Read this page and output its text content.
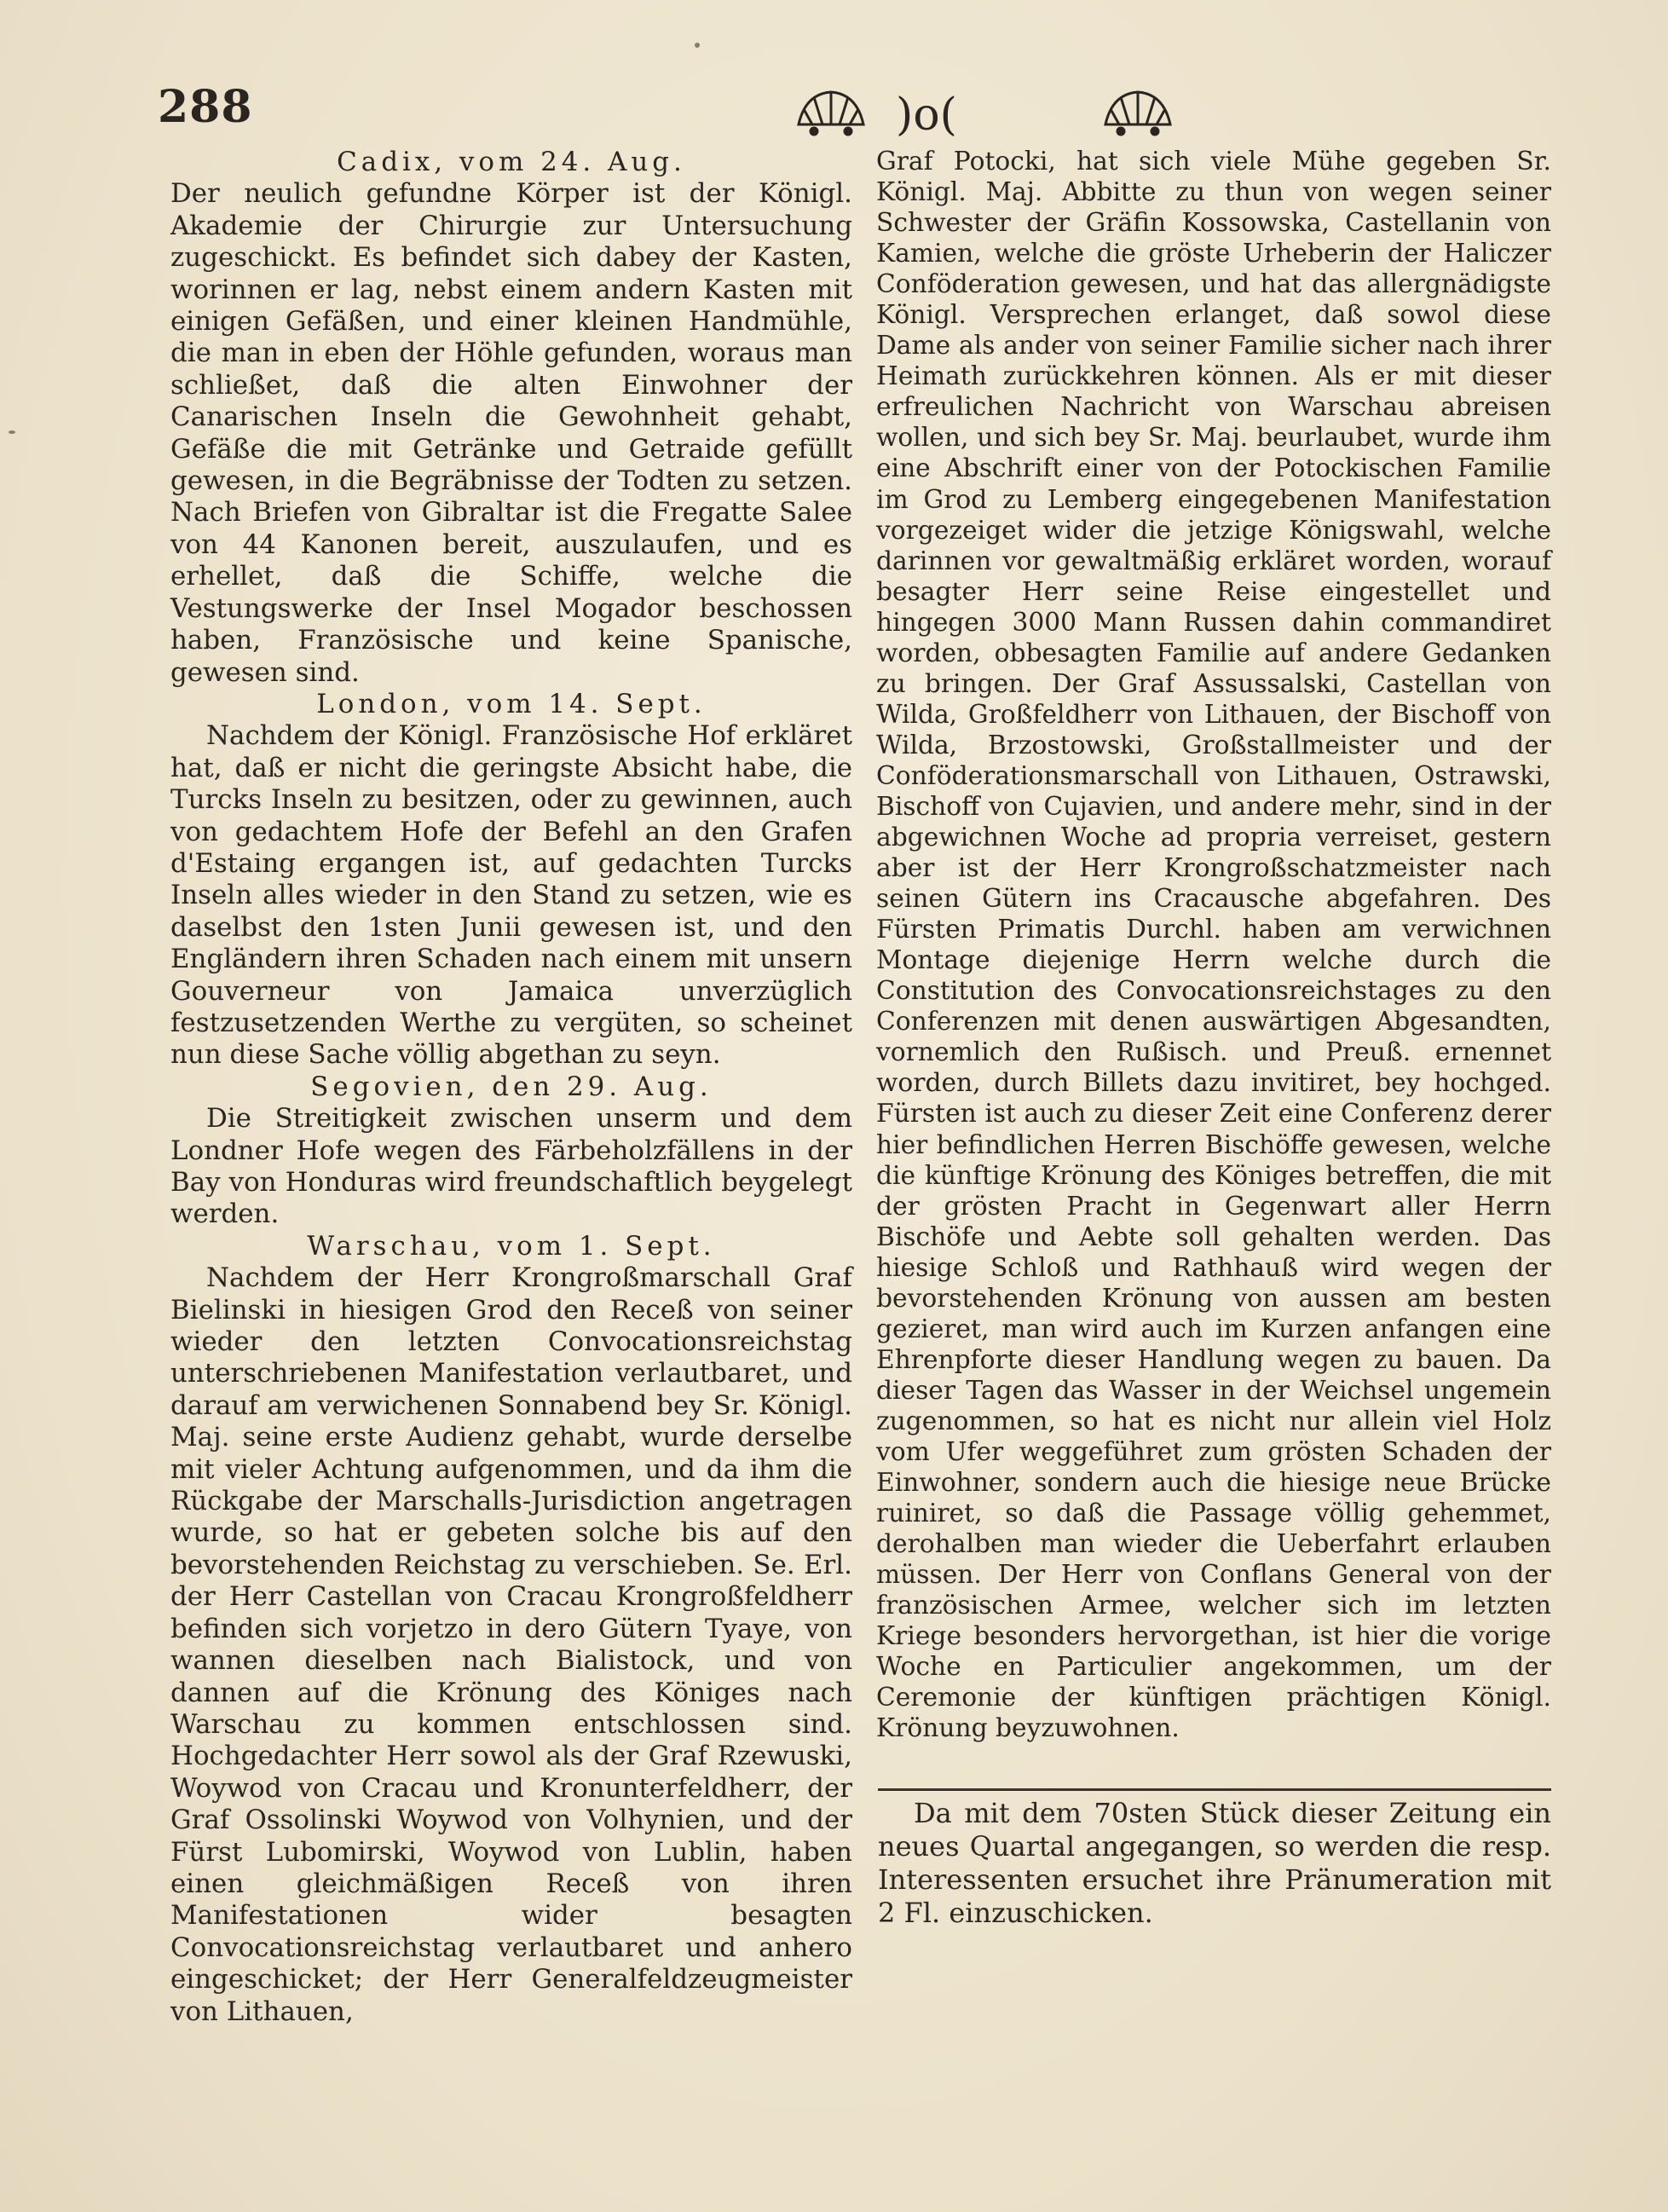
288	)o(
Cadix, vom 24. Aug.

Der neulich gefundne Körper ist der Königl. Akademie der Chirurgie zur Untersuchung zugeschickt. Es befindet sich dabey der Kasten, worinnen er lag, nebst einem andern Kasten mit einigen Gefäßen, und einer kleinen Handmühle, die man in eben der Höhle gefunden, woraus man schließet, daß die alten Einwohner der Canarischen Inseln die Gewohnheit gehabt, Gefäße die mit Getränke und Getraide gefüllt gewesen, in die Begräbnisse der Todten zu setzen. Nach Briefen von Gibraltar ist die Fregatte Salee von 44 Kanonen bereit, auszulaufen, und es erhellet, daß die Schiffe, welche die Vestungswerke der Insel Mogador beschossen haben, Französische und keine Spanische, gewesen sind.

London, vom 14. Sept.

Nachdem der Königl. Französische Hof erkläret hat, daß er nicht die geringste Absicht habe, die Turcks Inseln zu besitzen, oder zu gewinnen, auch von gedachtem Hofe der Befehl an den Grafen d'Estaing ergangen ist, auf gedachten Turcks Inseln alles wieder in den Stand zu setzen, wie es daselbst den 1sten Junii gewesen ist, und den Engländern ihren Schaden nach einem mit unsern Gouverneur von Jamaica unverzüglich festzusetzenden Werthe zu vergüten, so scheinet nun diese Sache völlig abgethan zu seyn.

Segovien, den 29. Aug.

Die Streitigkeit zwischen unserm und dem Londner Hofe wegen des Färbeholzfällens in der Bay von Honduras wird freundschaftlich beygelegt werden.

Warschau, vom 1. Sept.

Nachdem der Herr Krongroßmarschall Graf Bielinski in hiesigen Grod den Receß von seiner wieder den letzten Convocationsreichstag unterschriebenen Manifestation verlautbaret, und darauf am verwichenen Sonnabend bey Sr. Königl. Maj. seine erste Audienz gehabt, wurde derselbe mit vieler Achtung aufgenommen, und da ihm die Rückgabe der Marschalls-Jurisdiction angetragen wurde, so hat er gebeten solche bis auf den bevorstehenden Reichstag zu verschieben. Se. Erl. der Herr Castellan von Cracau Krongroßfeldherr befinden sich vorjetzo in dero Gütern Tyaye, von wannen dieselben nach Bialistock, und von dannen auf die Krönung des Königes nach Warschau zu kommen entschlossen sind. Hochgedachter Herr sowol als der Graf Rzewuski, Woywod von Cracau und Kronunterfeldherr, der Graf Ossolinski Woywod von Volhynien, und der Fürst Lubomirski, Woywod von Lublin, haben einen gleichmäßigen Receß von ihren Manifestationen wider besagten Convocationsreichstag verlautbaret und anhero eingeschicket; der Herr Generalfeldzeugmeister von Lithauen,

Graf Potocki, hat sich viele Mühe gegeben Sr. Königl. Maj. Abbitte zu thun von wegen seiner Schwester der Gräfin Kossowska, Castellanin von Kamien, welche die gröste Urheberin der Haliczer Conföderation gewesen, und hat das allergnädigste Königl. Versprechen erlanget, daß sowol diese Dame als ander von seiner Familie sicher nach ihrer Heimath zurückkehren können. Als er mit dieser erfreulichen Nachricht von Warschau abreisen wollen, und sich bey Sr. Maj. beurlaubet, wurde ihm eine Abschrift einer von der Potockischen Familie im Grod zu Lemberg eingegebenen Manifestation vorgezeiget wider die jetzige Königswahl, welche darinnen vor gewaltmäßig erkläret worden, worauf besagter Herr seine Reise eingestellet und hingegen 3000 Mann Russen dahin commandiret worden, obbesagten Familie auf andere Gedanken zu bringen. Der Graf Assussalski, Castellan von Wilda, Großfeldherr von Lithauen, der Bischoff von Wilda, Brzostowski, Großstallmeister und der Conföderationsmarschall von Lithauen, Ostrawski, Bischoff von Cujavien, und andere mehr, sind in der abgewichnen Woche ad propria verreiset, gestern aber ist der Herr Krongroßschatzmeister nach seinen Gütern ins Cracausche abgefahren. Des Fürsten Primatis Durchl. haben am verwichnen Montage diejenige Herrn welche durch die Constitution des Convocationsreichstages zu den Conferenzen mit denen auswärtigen Abgesandten, vornemlich den Rußisch. und Preuß. ernennet worden, durch Billets dazu invitiret, bey hochged. Fürsten ist auch zu dieser Zeit eine Conferenz derer hier befindlichen Herren Bischöffe gewesen, welche die künftige Krönung des Königes betreffen, die mit der grösten Pracht in Gegenwart aller Herrn Bischöfe und Aebte soll gehalten werden. Das hiesige Schloß und Rathhauß wird wegen der bevorstehenden Krönung von aussen am besten gezieret, man wird auch im Kurzen anfangen eine Ehrenpforte dieser Handlung wegen zu bauen. Da dieser Tagen das Wasser in der Weichsel ungemein zugenommen, so hat es nicht nur allein viel Holz vom Ufer weggeführet zum grösten Schaden der Einwohner, sondern auch die hiesige neue Brücke ruiniret, so daß die Passage völlig gehemmet, derohalben man wieder die Ueberfahrt erlauben müssen. Der Herr von Conflans General von der französischen Armee, welcher sich im letzten Kriege besonders hervorgethan, ist hier die vorige Woche en Particulier angekommen, um der Ceremonie der künftigen prächtigen Königl. Krönung beyzuwohnen.

Da mit dem 70sten Stück dieser Zeitung ein neues Quartal angegangen, so werden die resp. Interessenten ersuchet ihre Pränumeration mit 2 Fl. einzuschicken.
